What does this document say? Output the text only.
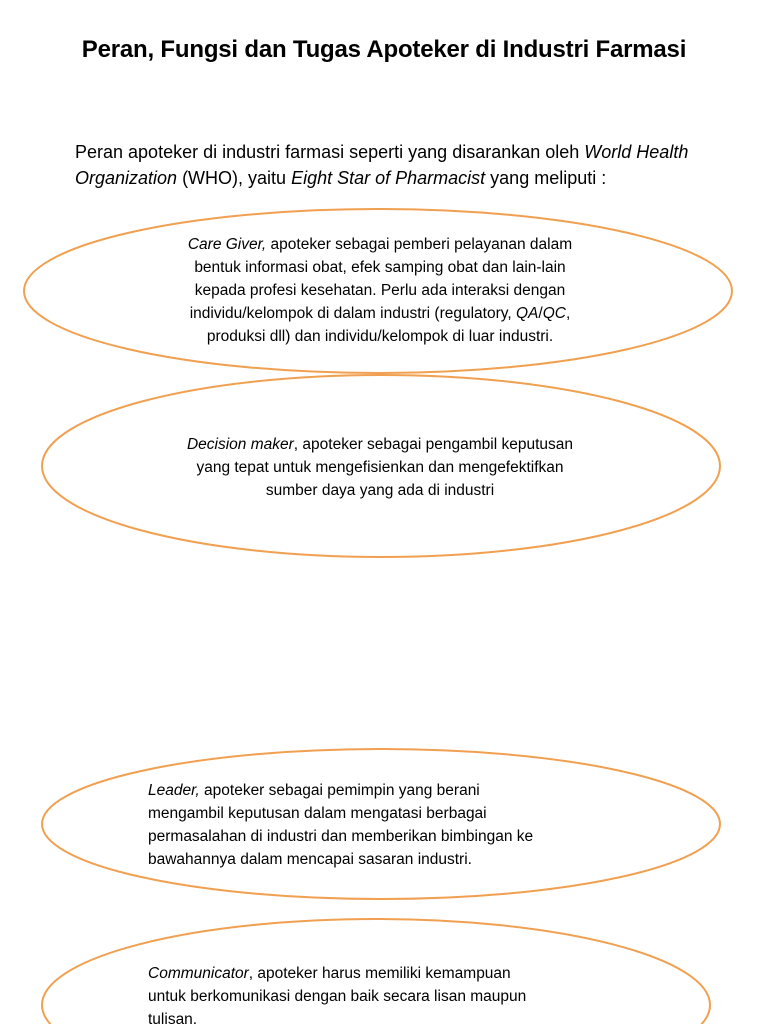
Peran, Fungsi dan Tugas Apoteker di Industri Farmasi
Peran apoteker di industri farmasi seperti yang disarankan oleh World Health Organization (WHO), yaitu Eight Star of Pharmacist yang meliputi :
Care Giver, apoteker sebagai pemberi pelayanan dalam
bentuk informasi obat, efek samping obat dan lain-lain
kepada profesi kesehatan. Perlu ada interaksi dengan
individu/kelompok di dalam industri (regulatory, QA/QC,
produksi dll) dan individu/kelompok di luar industri.
Decision maker, apoteker sebagai pengambil keputusan
yang tepat untuk mengefisienkan dan mengefektifkan
sumber daya yang ada di industri
Leader, apoteker sebagai pemimpin yang berani
mengambil keputusan dalam mengatasi berbagai
permasalahan di industri dan memberikan bimbingan ke
bawahannya dalam mencapai sasaran industri.
Communicator, apoteker harus memiliki kemampuan
untuk berkomunikasi dengan baik secara lisan maupun
tulisan.
